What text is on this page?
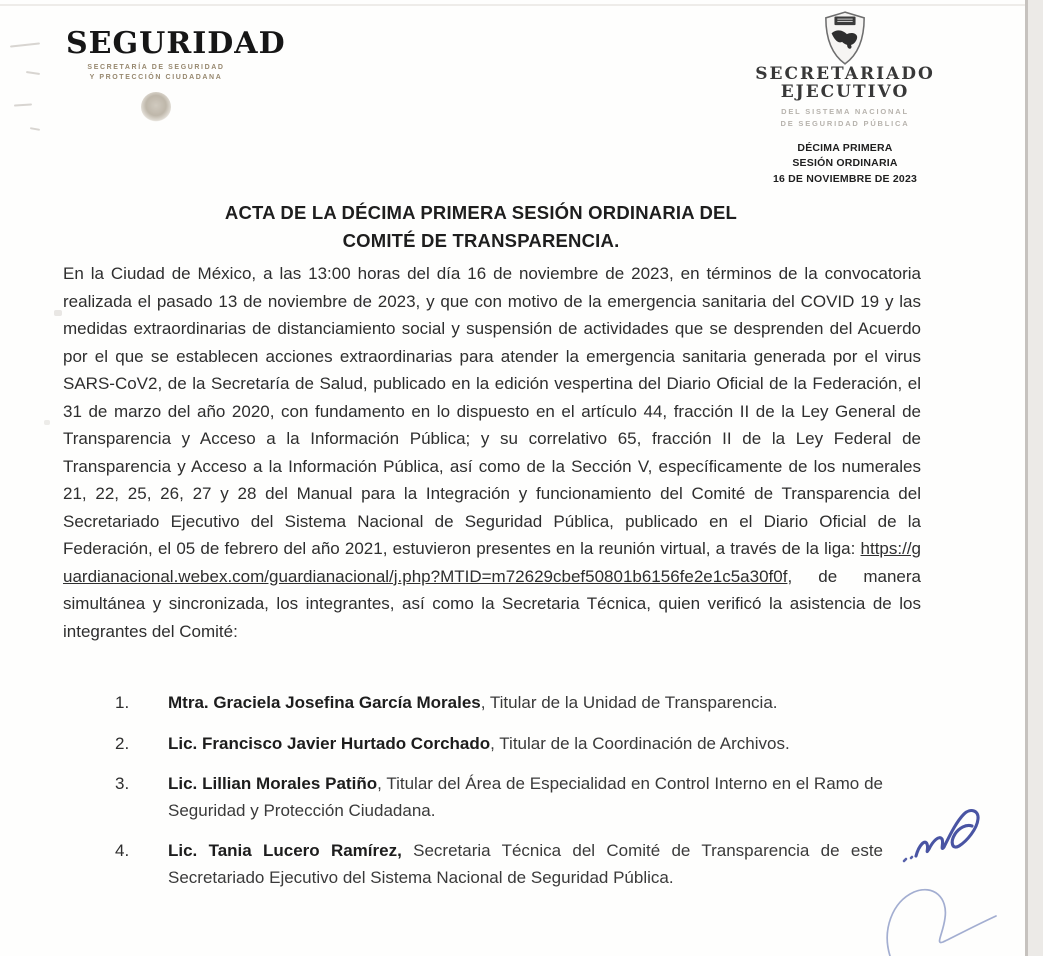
SEGURIDAD
SECRETARÍA DE SEGURIDAD
Y PROTECCIÓN CIUDADANA	SECRETARIADO
EJECUTIVO
DEL SISTEMA NACIONAL
DE SEGURIDAD PÚBLICA
DÉCIMA PRIMERA
SESIÓN ORDINARIA
16 DE NOVIEMBRE DE 2023
ACTA DE LA DÉCIMA PRIMERA SESIÓN ORDINARIA DEL
COMITÉ DE TRANSPARENCIA.
En la Ciudad de México, a las 13:00 horas del día 16 de noviembre de 2023, en términos de la convocatoria realizada el pasado 13 de noviembre de 2023, y que con motivo de la emergencia sanitaria del COVID 19 y las medidas extraordinarias de distanciamiento social y suspensión de actividades que se desprenden del Acuerdo por el que se establecen acciones extraordinarias para atender la emergencia sanitaria generada por el virus SARS-CoV2, de la Secretaría de Salud, publicado en la edición vespertina del Diario Oficial de la Federación, el 31 de marzo del año 2020, con fundamento en lo dispuesto en el artículo 44, fracción II de la Ley General de Transparencia y Acceso a la Información Pública; y su correlativo 65, fracción II de la Ley Federal de Transparencia y Acceso a la Información Pública, así como de la Sección V, específicamente de los numerales 21, 22, 25, 26, 27 y 28 del Manual para la Integración y funcionamiento del Comité de Transparencia del Secretariado Ejecutivo del Sistema Nacional de Seguridad Pública, publicado en el Diario Oficial de la Federación, el 05 de febrero del año 2021, estuvieron presentes en la reunión virtual, a través de la liga: https://guardianacional.webex.com/guardianacional/j.php?MTID=m72629cbef50801b6156fe2e1c5a30f0f, de manera simultánea y sincronizada, los integrantes, así como la Secretaria Técnica, quien verificó la asistencia de los integrantes del Comité:
1.	Mtra. Graciela Josefina García Morales, Titular de la Unidad de Transparencia.
2.	Lic. Francisco Javier Hurtado Corchado, Titular de la Coordinación de Archivos.
3.	Lic. Lillian Morales Patiño, Titular del Área de Especialidad en Control Interno en el Ramo de Seguridad y Protección Ciudadana.
4.	Lic. Tania Lucero Ramírez, Secretaria Técnica del Comité de Transparencia de este Secretariado Ejecutivo del Sistema Nacional de Seguridad Pública.
